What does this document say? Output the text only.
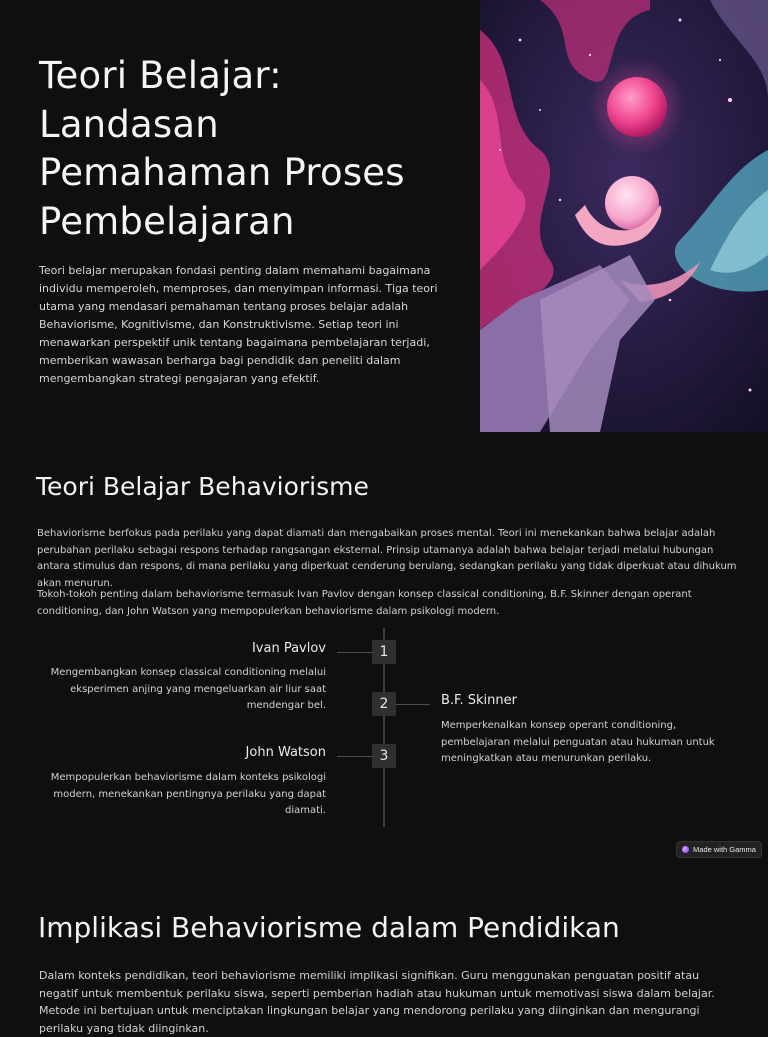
Teori Belajar: Landasan Pemahaman Proses Pembelajaran

Teori belajar merupakan fondasi penting dalam memahami bagaimana individu memperoleh, memproses, dan menyimpan informasi. Tiga teori utama yang mendasari pemahaman tentang proses belajar adalah Behaviorisme, Kognitivisme, dan Konstruktivisme. Setiap teori ini menawarkan perspektif unik tentang bagaimana pembelajaran terjadi, memberikan wawasan berharga bagi pendidik dan peneliti dalam mengembangkan strategi pengajaran yang efektif.

Teori Belajar Behaviorisme

Behaviorisme berfokus pada perilaku yang dapat diamati dan mengabaikan proses mental. Teori ini menekankan bahwa belajar adalah perubahan perilaku sebagai respons terhadap rangsangan eksternal. Prinsip utamanya adalah bahwa belajar terjadi melalui hubungan antara stimulus dan respons, di mana perilaku yang diperkuat cenderung berulang, sedangkan perilaku yang tidak diperkuat atau dihukum akan menurun.

Tokoh-tokoh penting dalam behaviorisme termasuk Ivan Pavlov dengan konsep classical conditioning, B.F. Skinner dengan operant conditioning, dan John Watson yang mempopulerkan behaviorisme dalam psikologi modern.

1
Ivan Pavlov

Mengembangkan konsep classical conditioning melalui eksperimen anjing yang mengeluarkan air liur saat mendengar bel.	2	B.F. Skinner

Memperkenalkan konsep operant conditioning, pembelajaran melalui penguatan atau hukuman untuk meningkatkan atau menurunkan perilaku.

3
John Watson

Mempopulerkan behaviorisme dalam konteks psikologi modern, menekankan pentingnya perilaku yang dapat diamati.

Made with Gamma
Implikasi Behaviorisme dalam Pendidikan

Dalam konteks pendidikan, teori behaviorisme memiliki implikasi signifikan. Guru menggunakan penguatan positif atau negatif untuk membentuk perilaku siswa, seperti pemberian hadiah atau hukuman untuk memotivasi siswa dalam belajar. Metode ini bertujuan untuk menciptakan lingkungan belajar yang mendorong perilaku yang diinginkan dan mengurangi perilaku yang tidak diinginkan.
